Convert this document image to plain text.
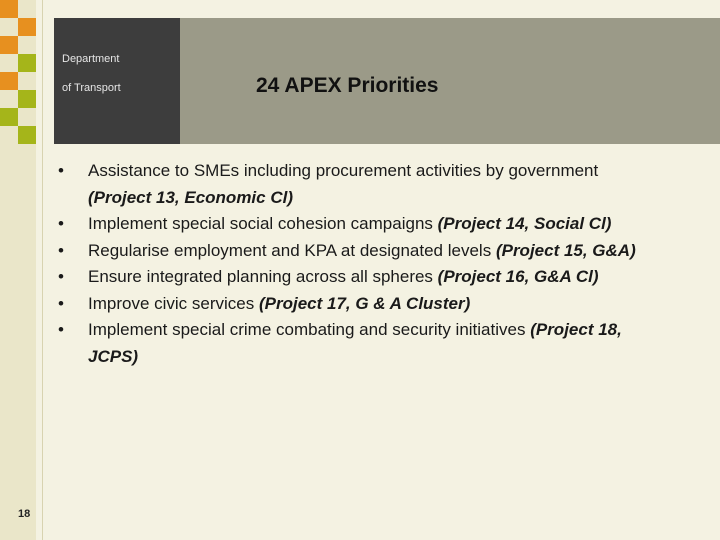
Department
of Transport	24 APEX Priorities
• Assistance to SMEs including procurement activities by government (Project 13, Economic Cl)
• Implement special social cohesion campaigns (Project 14, Social Cl)
• Regularise employment and KPA at designated levels (Project 15, G&A)
• Ensure integrated planning across all spheres (Project 16, G&A Cl)
• Improve civic services (Project 17, G & A Cluster)
• Implement special crime combating and security initiatives (Project 18, JCPS)
18
